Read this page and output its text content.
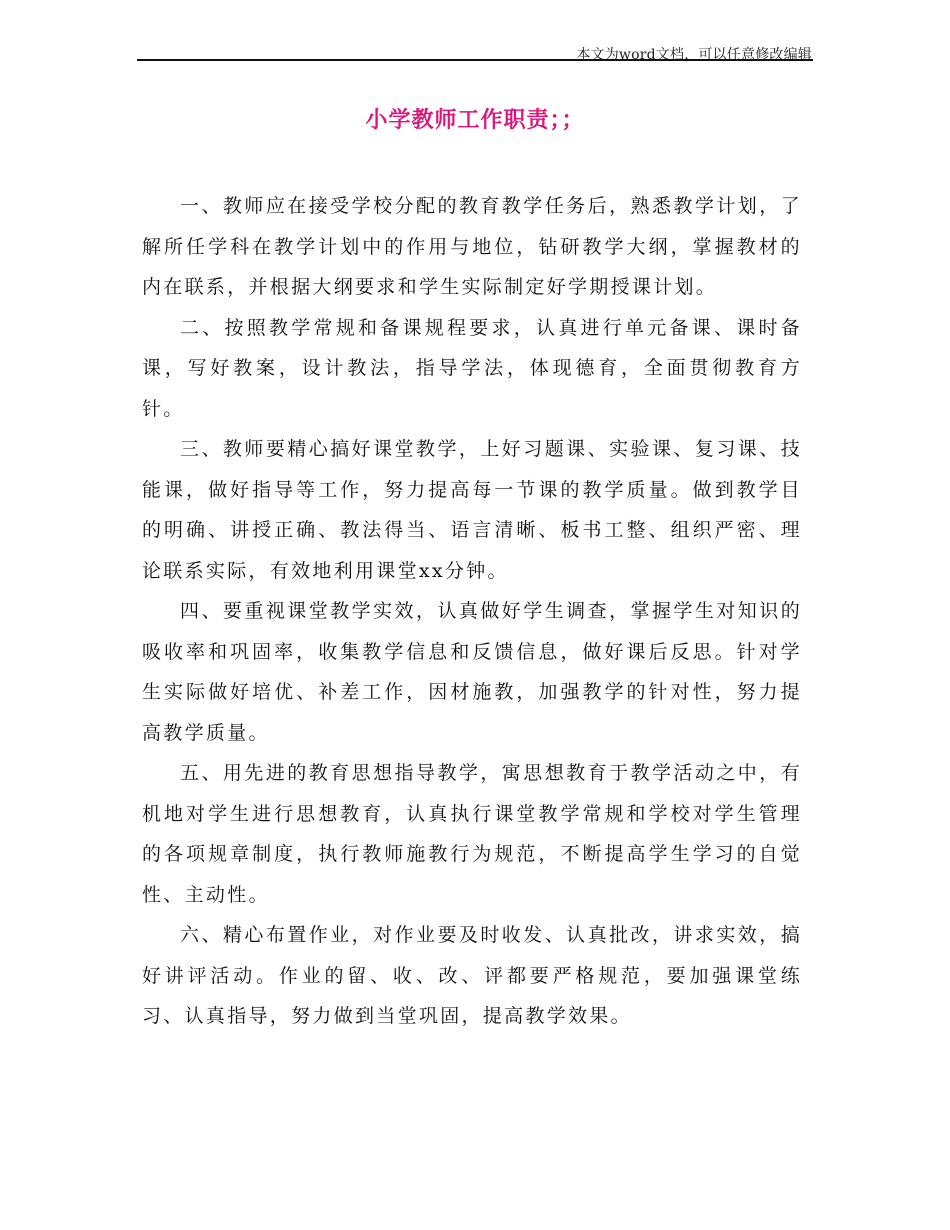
本文为word文档，可以任意修改编辑
小学教师工作职责；；

一、教师应在接受学校分配的教育教学任务后，熟悉教学计划，了解所任学科在教学计划中的作用与地位，钻研教学大纲，掌握教材的内在联系，并根据大纲要求和学生实际制定好学期授课计划。

二、按照教学常规和备课规程要求，认真进行单元备课、课时备课，写好教案，设计教法，指导学法，体现德育，全面贯彻教育方针。

三、教师要精心搞好课堂教学，上好习题课、实验课、复习课、技能课，做好指导等工作，努力提高每一节课的教学质量。做到教学目的明确、讲授正确、教法得当、语言清晰、板书工整、组织严密、理论联系实际，有效地利用课堂xx分钟。

四、要重视课堂教学实效，认真做好学生调查，掌握学生对知识的吸收率和巩固率，收集教学信息和反馈信息，做好课后反思。针对学生实际做好培优、补差工作，因材施教，加强教学的针对性，努力提高教学质量。

五、用先进的教育思想指导教学，寓思想教育于教学活动之中，有机地对学生进行思想教育，认真执行课堂教学常规和学校对学生管理的各项规章制度，执行教师施教行为规范，不断提高学生学习的自觉性、主动性。

六、精心布置作业，对作业要及时收发、认真批改，讲求实效，搞好讲评活动。作业的留、收、改、评都要严格规范，要加强课堂练习、认真指导，努力做到当堂巩固，提高教学效果。
